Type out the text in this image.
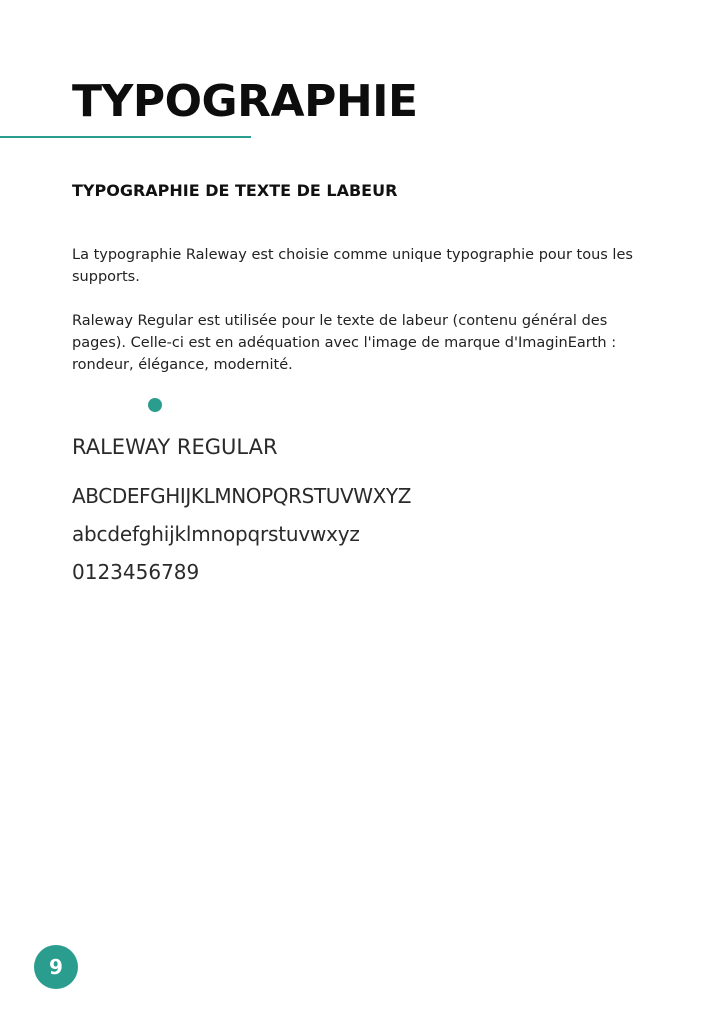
TYPOGRAPHIE
TYPOGRAPHIE DE TEXTE DE LABEUR

La typographie Raleway est choisie comme unique typographie pour tous les supports.

Raleway Regular est utilisée pour le texte de labeur (contenu général des pages). Celle-ci est en adéquation avec l'image de marque d'ImaginEarth : rondeur, élégance, modernité.

RALEWAY REGULAR
ABCDEFGHIJKLMNOPQRSTUVWXYZ
abcdefghijklmnopqrstuvwxyz
0123456789
9
